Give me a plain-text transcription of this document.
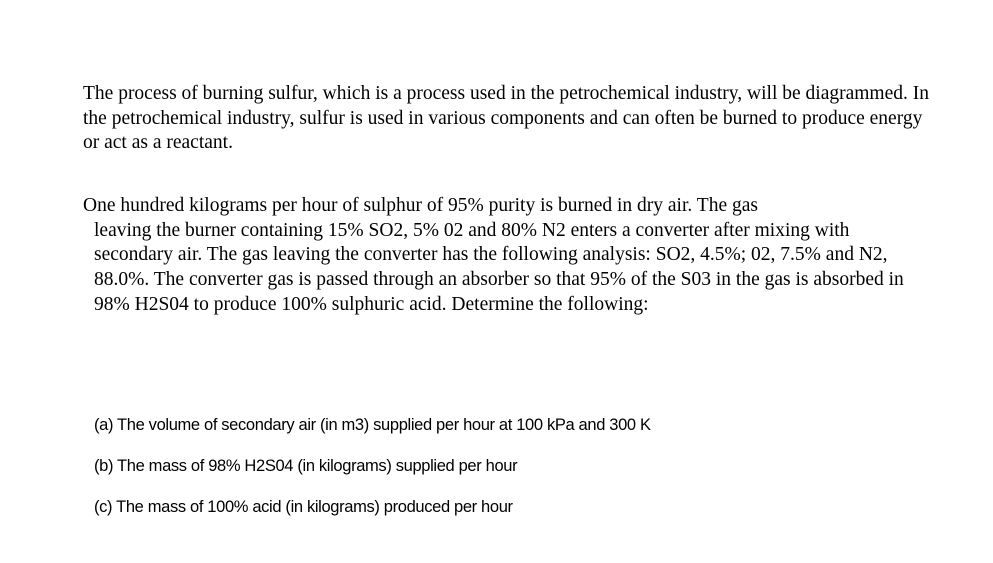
The process of burning sulfur, which is a process used in the petrochemical industry, will be diagrammed. In the petrochemical industry, sulfur is used in various components and can often be burned to produce energy or act as a reactant.

One hundred kilograms per hour of sulphur of 95% purity is burned in dry air. The gas
leaving the burner containing 15% SO2, 5% 02 and 80% N2 enters a converter after mixing with secondary air. The gas leaving the converter has the following analysis: SO2, 4.5%; 02, 7.5% and N2, 88.0%. The converter gas is passed through an absorber so that 95% of the S03 in the gas is absorbed in 98% H2S04 to produce 100% sulphuric acid. Determine the following:

(a) The volume of secondary air (in m3) supplied per hour at 100 kPa and 300 K

(b) The mass of 98% H2S04 (in kilograms) supplied per hour

(c) The mass of 100% acid (in kilograms) produced per hour
